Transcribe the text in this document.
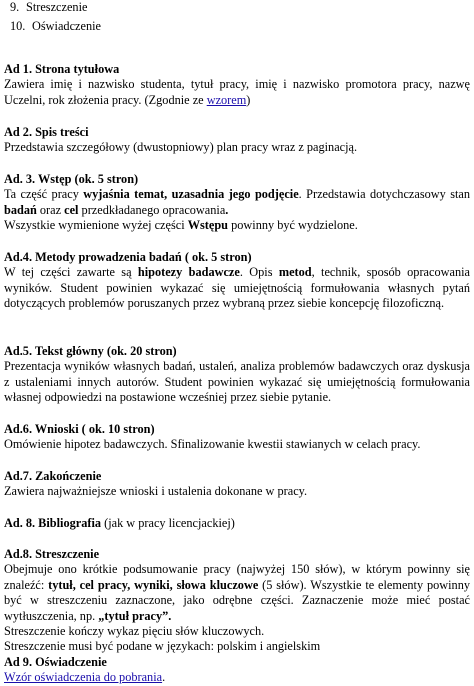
9. Streszczenie
10. Oświadczenie
Ad 1. Strona tytułowa

Zawiera imię i nazwisko studenta, tytuł pracy, imię i nazwisko promotora pracy, nazwę Uczelni, rok złożenia pracy. (Zgodnie ze wzorem)

Ad 2. Spis treści

Przedstawia szczegółowy (dwustopniowy) plan pracy wraz z paginacją.

Ad. 3. Wstęp (ok. 5 stron)

Ta część pracy wyjaśnia temat, uzasadnia jego podjęcie. Przedstawia dotychczasowy stan badań oraz cel przedkładanego opracowania.

Wszystkie wymienione wyżej części Wstępu powinny być wydzielone.

Ad.4. Metody prowadzenia badań ( ok. 5 stron)

W tej części zawarte są hipotezy badawcze. Opis metod, technik, sposób opracowania wyników. Student powinien wykazać się umiejętnością formułowania własnych pytań dotyczących problemów poruszanych przez wybraną przez siebie koncepcję filozoficzną.

Ad.5. Tekst główny (ok. 20 stron)

Prezentacja wyników własnych badań, ustaleń, analiza problemów badawczych oraz dyskusja z ustaleniami innych autorów. Student powinien wykazać się umiejętnością formułowania własnej odpowiedzi na postawione wcześniej przez siebie pytanie.

Ad.6. Wnioski ( ok. 10 stron)

Omówienie hipotez badawczych. Sfinalizowanie kwestii stawianych w celach pracy.

Ad.7. Zakończenie

Zawiera najważniejsze wnioski i ustalenia dokonane w pracy.

Ad. 8. Bibliografia (jak w pracy licencjackiej)
Ad.8. Streszczenie

Obejmuje ono krótkie podsumowanie pracy (najwyżej 150 słów), w którym powinny się znaleźć: tytuł, cel pracy, wyniki, słowa kluczowe (5 słów). Wszystkie te elementy powinny być w streszczeniu zaznaczone, jako odrębne części. Zaznaczenie może mieć postać wytłuszczenia, np. „tytuł pracy”.

Streszczenie kończy wykaz pięciu słów kluczowych.

Streszczenie musi być podane w językach: polskim i angielskim

Ad 9. Oświadczenie
Wzór oświadczenia do pobrania.
